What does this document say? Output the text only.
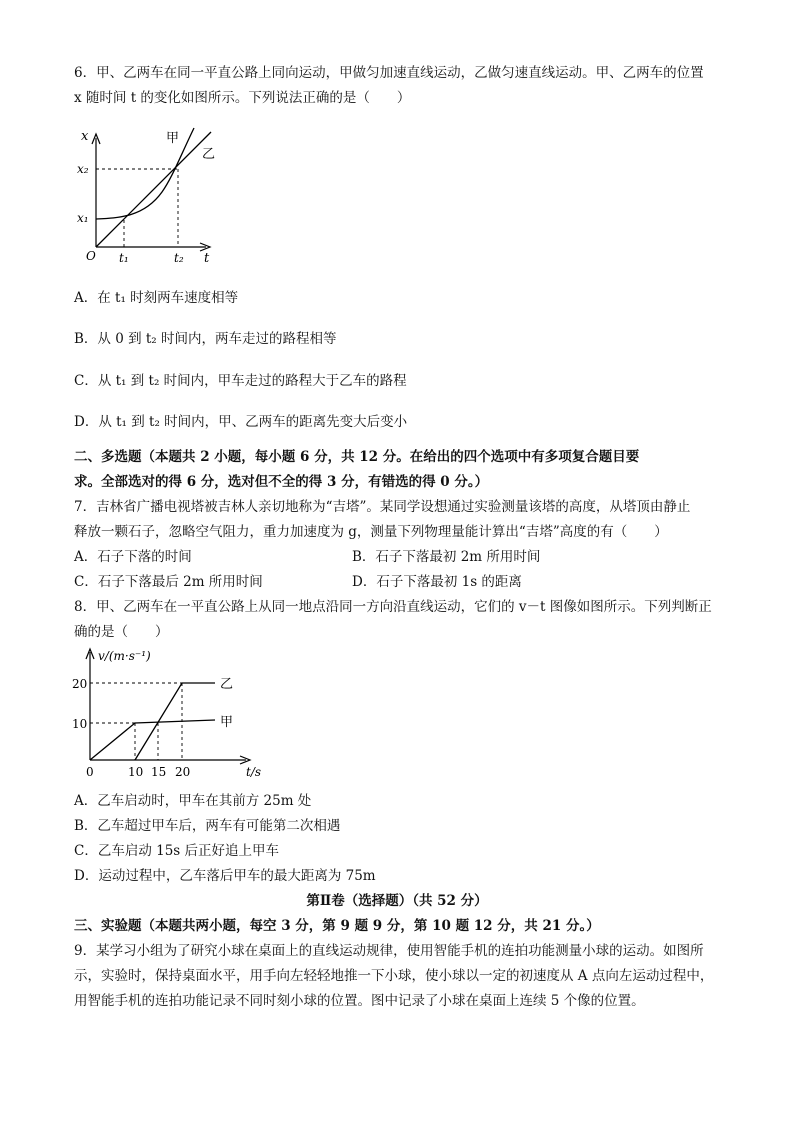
6．甲、乙两车在同一平直公路上同向运动，甲做匀加速直线运动，乙做匀速直线运动。甲、乙两车的位置
x 随时间 t 的变化如图所示。下列说法正确的是（　　）
x
x₂
x₁
O t₁	t₂ t
甲
乙
A．在 t₁ 时刻两车速度相等
B．从 0 到 t₂ 时间内，两车走过的路程相等
C．从 t₁ 到 t₂ 时间内，甲车走过的路程大于乙车的路程
D．从 t₁ 到 t₂ 时间内，甲、乙两车的距离先变大后变小
二、多选题（本题共 2 小题，每小题 6 分，共 12 分。在给出的四个选项中有多项复合题目要
求。全部选对的得 6 分，选对但不全的得 3 分，有错选的得 0 分。）
7．吉林省广播电视塔被吉林人亲切地称为“吉塔”。某同学设想通过实验测量该塔的高度，从塔顶由静止
释放一颗石子，忽略空气阻力，重力加速度为 g，测量下列物理量能计算出“吉塔”高度的有（　　）
A．石子下落的时间	B．石子下落最初 2m 所用时间
C．石子下落最后 2m 所用时间	D．石子下落最初 1s 的距离
8．甲、乙两车在一平直公路上从同一地点沿同一方向沿直线运动，它们的 v－t 图像如图所示。下列判断正
确的是（　　）
v/(m·s⁻¹)
20
10
0	10 15 20	t/s
乙
甲
A．乙车启动时，甲车在其前方 25m 处
B．乙车超过甲车后，两车有可能第二次相遇
C．乙车启动 15s 后正好追上甲车
D．运动过程中，乙车落后甲车的最大距离为 75m
第Ⅱ卷（选择题）（共 52 分）
三、实验题（本题共两小题，每空 3 分，第 9 题 9 分，第 10 题 12 分，共 21 分。）
9．某学习小组为了研究小球在桌面上的直线运动规律，使用智能手机的连拍功能测量小球的运动。如图所
示，实验时，保持桌面水平，用手向左轻轻地推一下小球，使小球以一定的初速度从 A 点向左运动过程中，
用智能手机的连拍功能记录不同时刻小球的位置。图中记录了小球在桌面上连续 5 个像的位置。
